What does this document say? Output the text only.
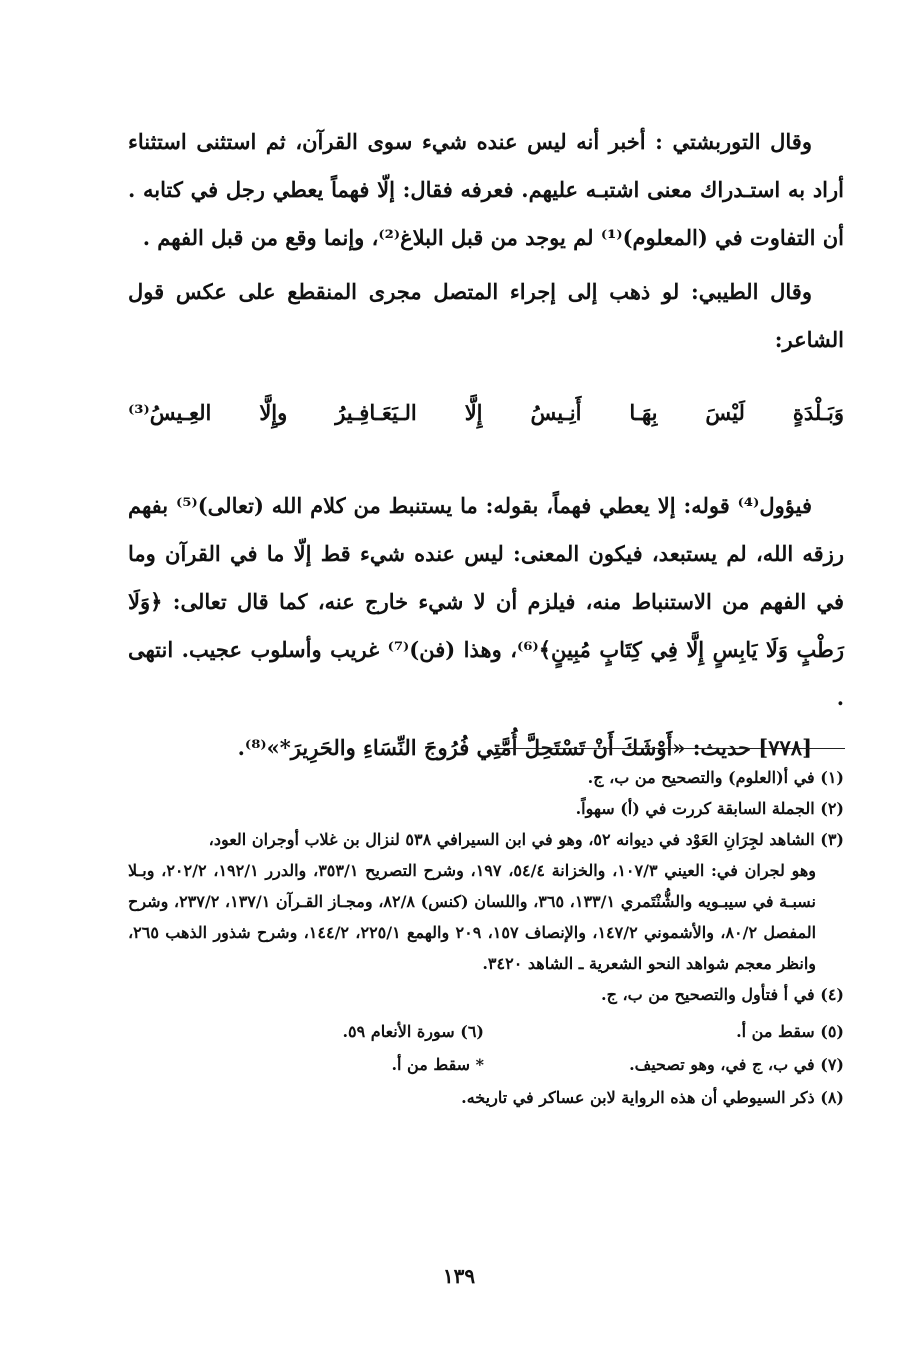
وقال التوربشتي : أخبر أنه ليس عنده شيء سوى القرآن، ثم استثنى استثناء أراد به استـدراك معنى اشتبـه عليهم. فعرفه فقال: إلّا فهماً يعطي رجل في كتابه . أن التفاوت في (المعلوم)⁽¹⁾ لم يوجد من قبل البلاغ⁽²⁾، وإنما وقع من قبل الفهم .

وقال الطيبي: لو ذهب إلى إجراء المتصل مجرى المنقطع على عكس قول الشاعر:

وَبَـلْدَةٍ
لَيْسَ
بِهَـا
أَنِـيسُ
إِلَّا
الـيَعَـافِـيرُ
وإِلَّا
العِـيسُ⁽³⁾

فيؤول⁽⁴⁾ قوله: إلا يعطي فهماً، بقوله: ما يستنبط من كلام الله (تعالى)⁽⁵⁾ بفهم رزقه الله، لم يستبعد، فيكون المعنى: ليس عنده شيء قط إلّا ما في القرآن وما في الفهم من الاستنباط منه، فيلزم أن لا شيء خارج عنه، كما قال تعالى: ﴿وَلَا رَطْبٍ وَلَا يَابِسٍ إِلَّا فِي كِتَابٍ مُبِينٍ﴾⁽⁶⁾، وهذا (فن)⁽⁷⁾ غريب وأسلوب عجيب. انتهى .

[٧٧٨] حديث: «أَوْشَكَ أَنْ تَسْتَحِلَّ أُمَّتِي فُرُوجَ النِّسَاءِ والحَرِيرَ*»⁽⁸⁾.

(١) في أ(العلوم) والتصحيح من ب، ج.

(٢) الجملة السابقة كررت في (أ) سهواً.

(٣) الشاهد لجِرَانِ العَوْد في ديوانه ٥٢، وهو في ابن السيرافي ٥٣٨ لنزال بن غلاب أوجران العود،

وهو لجران في: العيني ١٠٧/٣، والخزانة ٥٤/٤، ١٩٧، وشرح التصريح ٣٥٣/١، والدرر ١٩٢/١، ٢٠٢/٢، وبـلا نسبـة في سيبـويه والشُّنْتَمري ١٣٣/١، ٣٦٥، واللسان (كنس) ٨٢/٨، ومجـاز القـرآن ١٣٧/١، ٢٣٧/٢، وشرح المفصل ٨٠/٢، والأشموني ١٤٧/٢، والإنصاف ١٥٧، ٢٠٩ والهمع ٢٢٥/١، ١٤٤/٢، وشرح شذور الذهب ٢٦٥، وانظر معجم شواهد النحو الشعرية ـ الشاهد ٣٤٢٠.

(٤) في أ فتأول والتصحيح من ب، ج.

(٥) سقط من أ.
(٦) سورة الأنعام ٥٩.
(٧) في ب، ج في، وهو تصحيف.
* سقط من أ.

(٨) ذكر السيوطي أن هذه الرواية لابن عساكر في تاريخه.

١٣٩
